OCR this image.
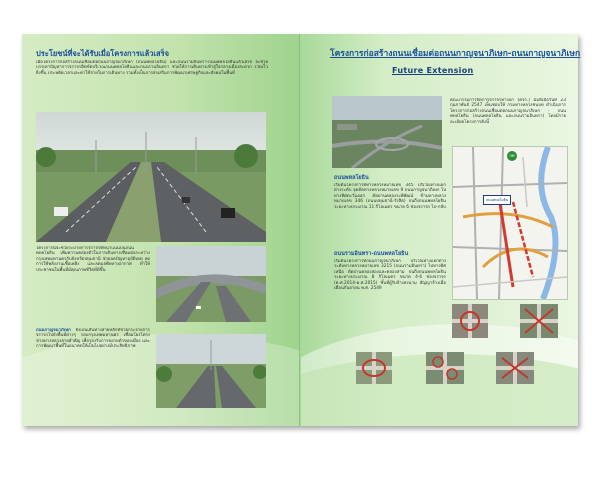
ประโยชน์ที่จะได้รับเมื่อโครงการแล้วเสร็จ
เมื่อโครงการก่อสร้างถนนเชื่อมต่อถนนกาญจนาภิเษก (ถนนพหลโยธิน) และถนนรามอินทรา-ถนนพหลโยธินแล้วเสร็จ จะช่วยบรรเทาปัญหาการจราจรติดขัดบริเวณถนนพหลโยธินและถนนรามอินทรา ช่วยให้การเดินทางเข้าสู่ใจกลางเมืองสะดวก รวดเร็วยิ่งขึ้น ประหยัดเวลาและค่าใช้จ่ายในการเดินทาง รวมทั้งเป็นการส่งเสริมการพัฒนาเศรษฐกิจและสังคมในพื้นที่
โครงการนี้จะช่วยระบายการจราจรที่หนาแน่นบนถนนพหลโยธิน เพิ่มความคล่องตัวในการเดินทางเชื่อมต่อระหว่างกรุงเทพมหานครกับจังหวัดปทุมธานี ช่วยลดปัญหาอุบัติเหตุ ลดการใช้พลังงานเชื้อเพลิง และลดมลพิษทางอากาศ ทำให้ประชาชนในพื้นที่มีคุณภาพชีวิตที่ดีขึ้น
ถนนกาญจนาภิเษก ยังเป็นเส้นทางสายหลักที่ช่วยกระจายการจราจรไปยังพื้นที่ต่างๆ รอบกรุงเทพมหานคร เชื่อมโยงโครงข่ายทางหลวงสายสำคัญ เพื่อรองรับการขยายตัวของเมือง และการพัฒนาพื้นที่ในอนาคตให้เป็นไปอย่างมีประสิทธิภาพ
โครงการก่อสร้างถนนเชื่อมต่อถนนกาญจนาภิเษก-ถนนกาญจนาภิเษก
Future Extension
คณะกรรมการจัดการจราจรทางบก (คจร.) มีมติเมื่อวันที่ 23 กุมภาพันธ์ 2547 เห็นชอบให้ กรมทางหลวงชนบท ดำเนินการโครงการก่อสร้างถนนเชื่อมต่อถนนกาญจนาภิเษก - ถนนพหลโยธิน (ถนนพหลโยธิน และถนนรามอินทรา) โดยมีรายละเอียดโครงการดังนี้
ถนนพหลโยธิน
เริ่มต้นโครงการที่ทางหลวงหมายเลข 345 บริเวณทางแยกต่างระดับ จุดตัดทางหลวงหมายเลข 9 ถนนกาญจนาภิเษก ไปทางทิศตะวันออก ตัดผ่านคลองระพีพัฒน์ ข้ามทางหลวงหมายเลข 346 (ถนนปทุมธานี-รังสิต) จนถึงถนนพหลโยธิน ระยะทางประมาณ 11 กิโลเมตร ขนาด 6 ช่องจราจร ไป-กลับ
ถนนรามอินทรา-ถนนพหลโยธิน
เริ่มต้นโครงการที่ถนนกาญจนาภิเษก บริเวณทางแยกต่างระดับทางหลวงหมายเลข 3215 (ถนนรามอินทรา) ไปทางทิศเหนือ ตัดผ่านคลองสองและคลองสาม จนถึงถนนพหลโยธิน ระยะทางประมาณ 8 กิโลเมตร ขนาด 4-6 ช่องจราจร (ค.ศ.2014-ค.ศ.2015) ชั้นที่ผู้รับจ้างลงนาม สัญญาจ้างเมื่อเดือนกันยายน พ.ศ. 2549
กท
ถนนพหลโยธิน
